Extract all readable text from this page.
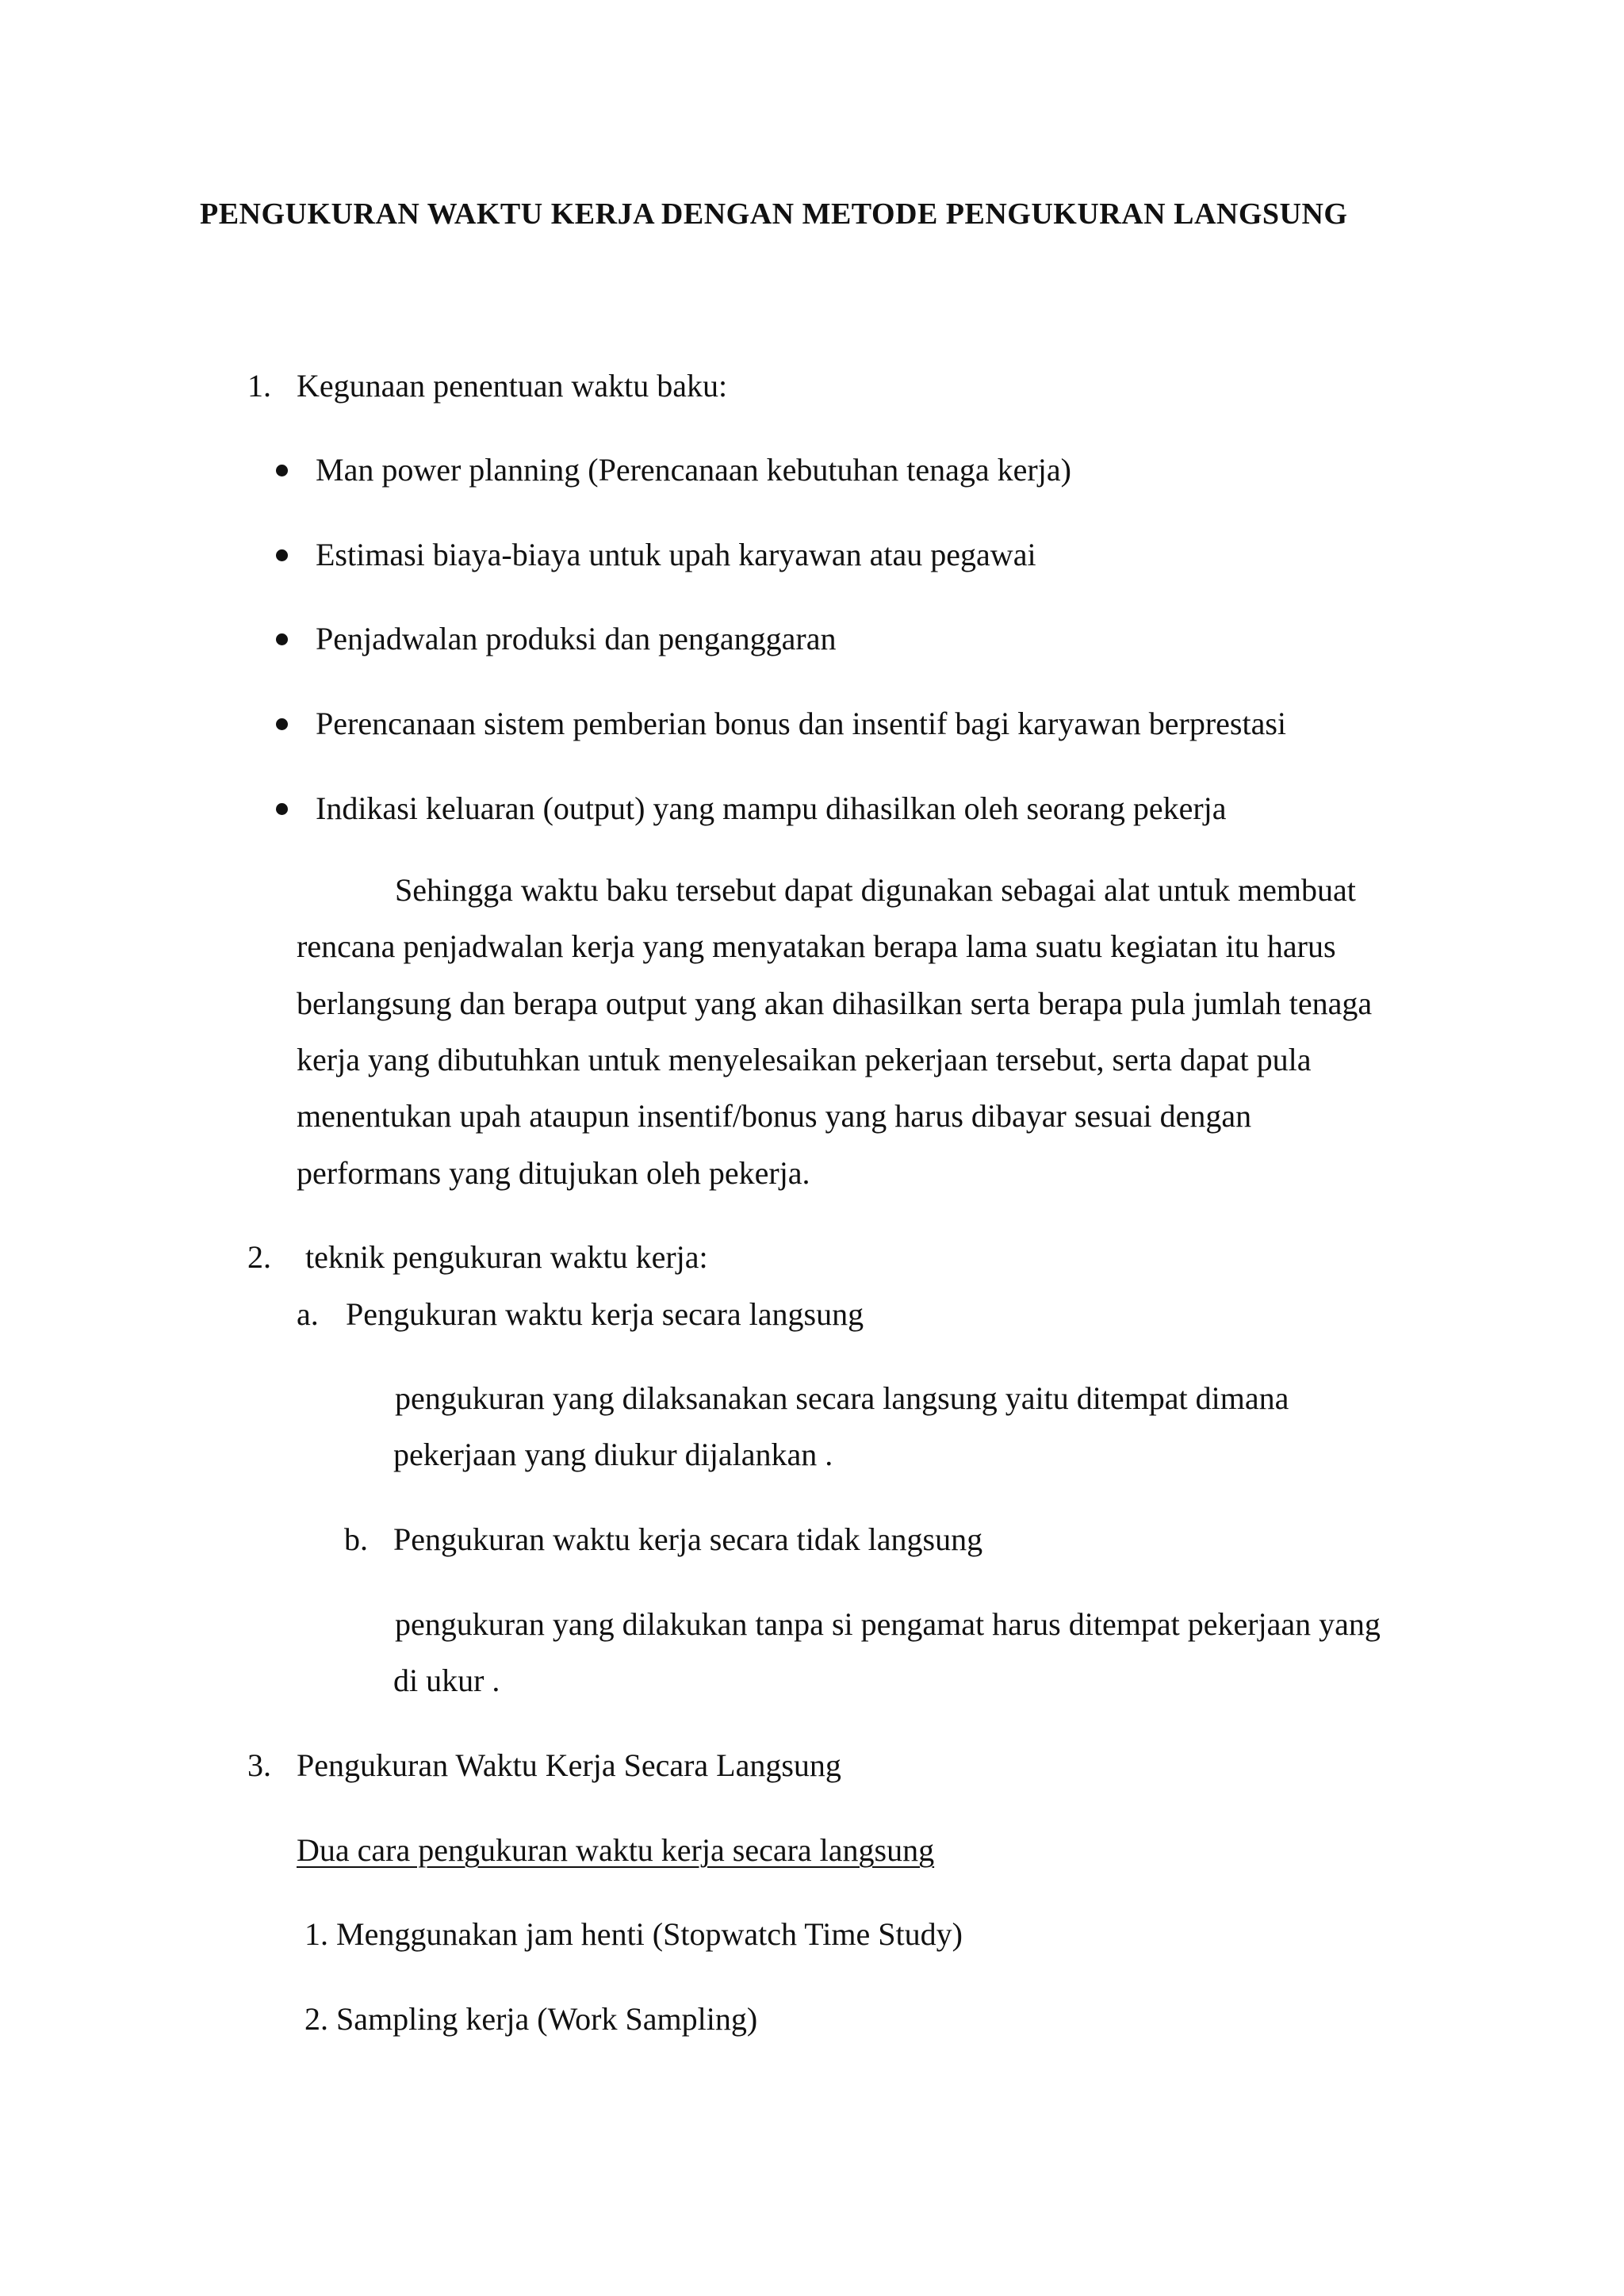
PENGUKURAN WAKTU KERJA DENGAN METODE PENGUKURAN LANGSUNG
1. Kegunaan penentuan waktu baku:
Man power planning (Perencanaan kebutuhan tenaga kerja)
Estimasi biaya-biaya untuk upah karyawan atau pegawai
Penjadwalan produksi dan penganggaran
Perencanaan sistem pemberian bonus dan insentif bagi karyawan berprestasi
Indikasi keluaran (output) yang mampu dihasilkan oleh seorang pekerja
Sehingga waktu baku tersebut dapat digunakan sebagai alat untuk membuat
rencana penjadwalan kerja yang menyatakan berapa lama suatu kegiatan itu harus
berlangsung dan berapa output yang akan dihasilkan serta berapa pula jumlah tenaga
kerja yang dibutuhkan untuk menyelesaikan pekerjaan tersebut, serta dapat pula
menentukan upah ataupun insentif/bonus yang harus dibayar sesuai dengan
performans yang ditujukan oleh pekerja.
2. teknik pengukuran waktu kerja:
a. Pengukuran waktu kerja secara langsung
pengukuran yang dilaksanakan secara langsung yaitu ditempat dimana
pekerjaan yang diukur dijalankan .
b. Pengukuran waktu kerja secara tidak langsung
pengukuran yang dilakukan tanpa si pengamat harus ditempat pekerjaan yang
di ukur .
3. Pengukuran Waktu Kerja Secara Langsung
Dua cara pengukuran waktu kerja secara langsung
1. Menggunakan jam henti (Stopwatch Time Study)
2. Sampling kerja (Work Sampling)
